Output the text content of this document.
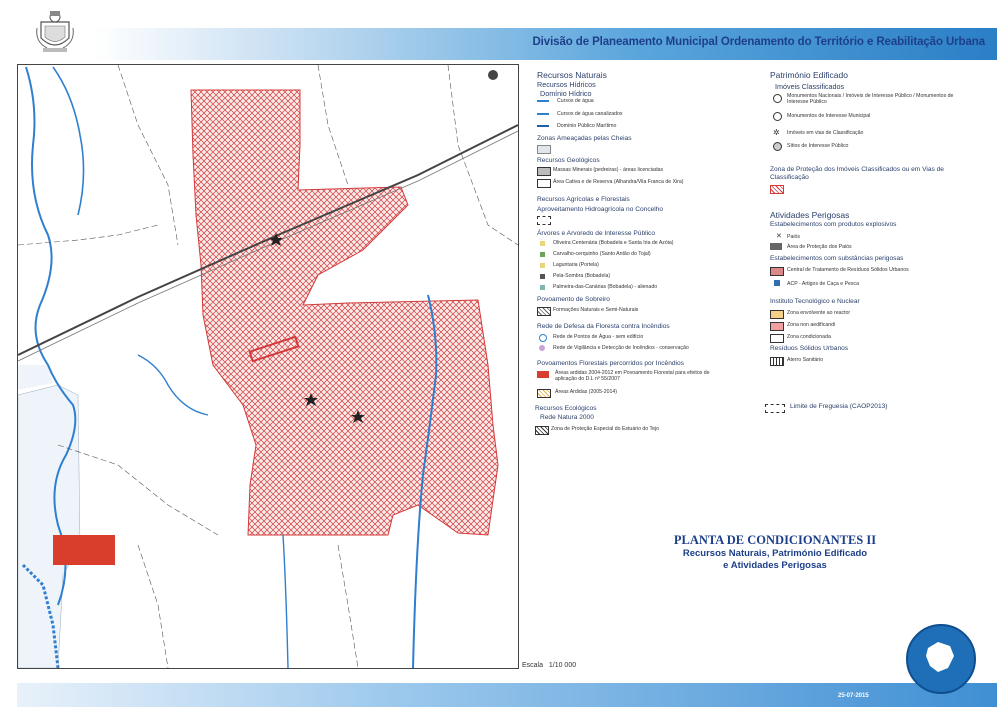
Divisão de Planeamento Municipal Ordenamento do Território e Reabilitação Urbana
Recursos Naturais
Recursos Hídricos
Domínio Hídrico
Cursos de água
Cursos de água canalizados
Domínio Público Marítimo
Zonas Ameaçadas pelas Cheias
Recursos Geológicos
Massas Minerais (pedreiras) - áreas licenciadas
Área Cativa e de Reserva (Alhandra/Vila Franca de Xira)
Recursos Agrícolas e Florestais
Aproveitamento Hidroagrícola no Concelho
Árvores e Arvoredo de Interesse Público
Oliveira Centenária (Bobadela e Santa Iria de Azóia)
Carvalho-cerquinho (Santo Antão do Tojal)
Laguntaria (Portela)
Pela-Sombra (Bobadela)
Palmeira-das-Canárias (Bobadela) - alienado
Povoamento de Sobreiro
Formações Naturais e Semi-Naturais
Rede de Defesa da Floresta contra Incêndios
Rede de Pontos de Água - sem edifício
Rede de Vigilância e Detecção de Incêndios - conservação
Povoamentos Florestais percorridos por Incêndios
Áreas ardidas 2004-2012 em Povoamento Florestal para efeitos de aplicação do D.L nº 55/2007
Áreas Ardidas (2005-2014)
Recursos Ecológicos
Rede Natura 2000
Zona de Proteção Especial do Estuário do Tejo
Património Edificado
Imóveis Classificados
Monumentos Nacionais / Imóveis de Interesse Público / Monumentos de Interesse Público
Monumentos de Interesse Municipal
✲ Imóveis em vias de Classificação
Sítios de Interesse Público
Zona de Proteção dos Imóveis Classificados ou em Vias de Classificação
Atividades Perigosas
Estabelecimentos com produtos explosivos
✕ Paiós
Área de Proteção dos Paiós
Estabelecimentos com substâncias perigosas
Central de Tratamento de Resíduos Sólidos Urbanos
ACP - Artigos de Caça e Pesca
Instituto Tecnológico e Nuclear
Zona envolvente ao reactor
Zona non aedificandi
Zona condicionada
Resíduos Sólidos Urbanos
Aterro Sanitário
Limite de Freguesia (CAOP2013)
PLANTA DE CONDICIONANTES II
Recursos Naturais, Património Edificado
e Atividades Perigosas
Escala 1/10 000
25-07-2015
